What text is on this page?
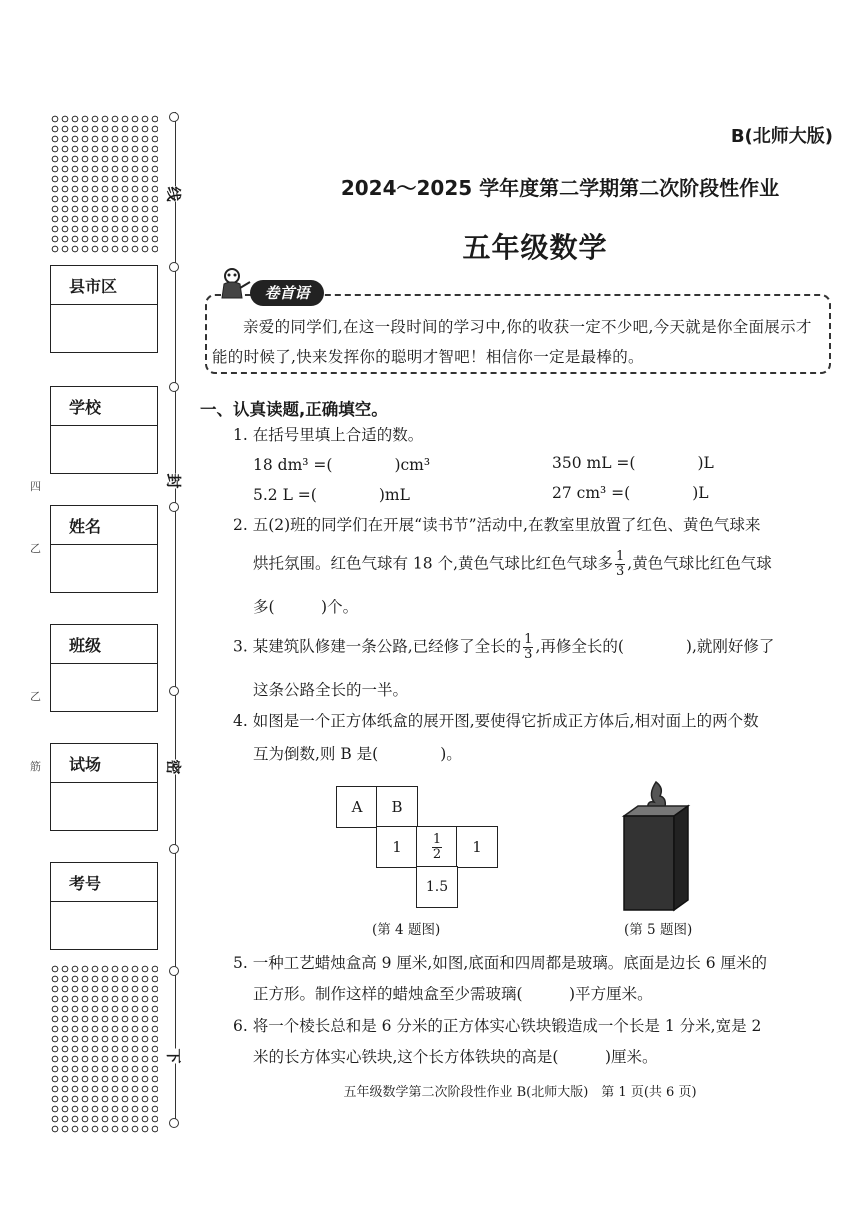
县市区
学校
姓名
班级
试场
考号
线
封
密
下
四
乙
乙
筋
B(北师大版)
2024～2025 学年度第二学期第二次阶段性作业
五年级数学
卷首语
亲爱的同学们,在这一段时间的学习中,你的收获一定不少吧,今天就是你全面展示才能的时候了,快来发挥你的聪明才智吧！相信你一定是最棒的。
一、认真读题,正确填空。
1. 在括号里填上合适的数。
18 dm³ =(　　　　)cm³	350 mL =(　　　　)L
5.2 L =(　　　　)mL	27 cm³ =(　　　　)L
2. 五(2)班的同学们在开展“读书节”活动中,在教室里放置了红色、黄色气球来
烘托氛围。红色气球有 18 个,黄色气球比红色气球多 $\frac{1}{3}$ ,黄色气球比红色气球
多(　　　)个。
3. 某建筑队修建一条公路,已经修了全长的 $\frac{1}{3}$ ,再修全长的(　　　　),就刚好修了
这条公路全长的一半。
4. 如图是一个正方体纸盒的展开图,要使得它折成正方体后,相对面上的两个数
互为倒数,则 B 是(　　　　)。
A	B
1	$\frac{1}{2}$	1
1.5
(第 4 题图)	(第 5 题图)
5. 一种工艺蜡烛盒高 9 厘米,如图,底面和四周都是玻璃。底面是边长 6 厘米的
正方形。制作这样的蜡烛盒至少需玻璃(　　　)平方厘米。
6. 将一个棱长总和是 6 分米的正方体实心铁块锻造成一个长是 1 分米,宽是 2
米的长方体实心铁块,这个长方体铁块的高是(　　　)厘米。
五年级数学第二次阶段性作业 B(北师大版)　第 1 页(共 6 页)
